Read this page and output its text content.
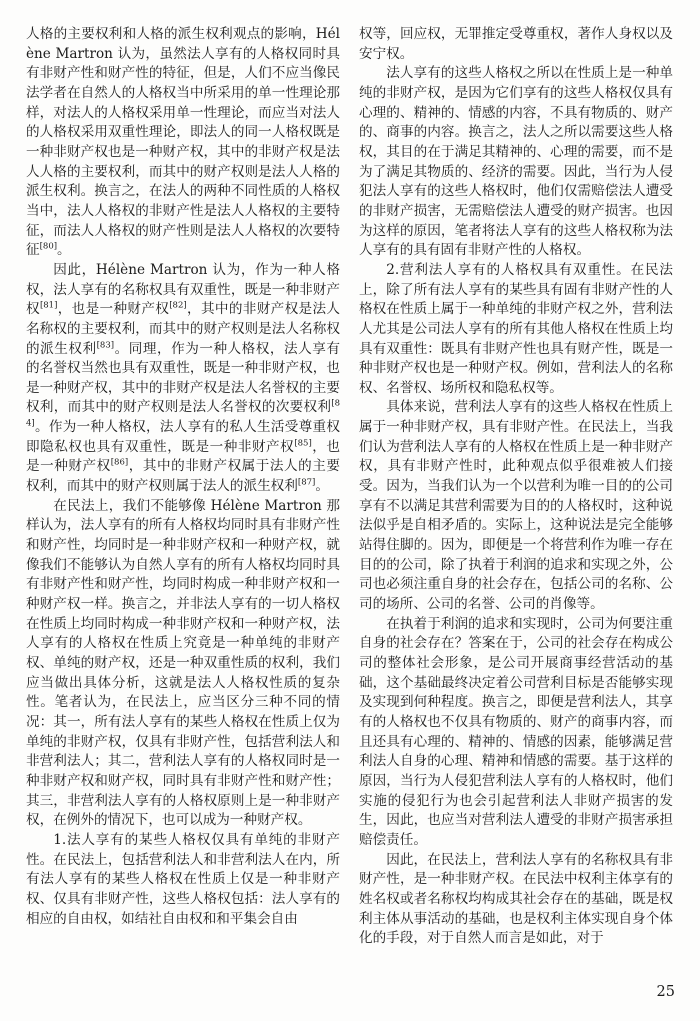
人格的主要权利和人格的派生权利观点的影响，Hélène Martron 认为，虽然法人享有的人格权同时具有非财产性和财产性的特征，但是，人们不应当像民法学者在自然人的人格权当中所采用的单一性理论那样，对法人的人格权采用单一性理论，而应当对法人的人格权采用双重性理论，即法人的同一人格权既是一种非财产权也是一种财产权，其中的非财产权是法人人格的主要权利，而其中的财产权则是法人人格的派生权利。换言之，在法人的两种不同性质的人格权当中，法人人格权的非财产性是法人人格权的主要特征，而法人人格权的财产性则是法人人格权的次要特征[80]。

因此，Hélène Martron 认为，作为一种人格权，法人享有的名称权具有双重性，既是一种非财产权[81]，也是一种财产权[82]，其中的非财产权是法人名称权的主要权利，而其中的财产权则是法人名称权的派生权利[83]。同理，作为一种人格权，法人享有的名誉权当然也具有双重性，既是一种非财产权，也是一种财产权，其中的非财产权是法人名誉权的主要权利，而其中的财产权则是法人名誉权的次要权利[84]。作为一种人格权，法人享有的私人生活受尊重权即隐私权也具有双重性，既是一种非财产权[85]，也是一种财产权[86]，其中的非财产权属于法人的主要权利，而其中的财产权则属于法人的派生权利[87]。

在民法上，我们不能够像 Hélène Martron 那样认为，法人享有的所有人格权均同时具有非财产性和财产性，均同时是一种非财产权和一种财产权，就像我们不能够认为自然人享有的所有人格权均同时具有非财产性和财产性，均同时构成一种非财产权和一种财产权一样。换言之，并非法人享有的一切人格权在性质上均同时构成一种非财产权和一种财产权，法人享有的人格权在性质上究竟是一种单纯的非财产权、单纯的财产权，还是一种双重性质的权利，我们应当做出具体分析，这就是法人人格权性质的复杂性。笔者认为，在民法上，应当区分三种不同的情况：其一，所有法人享有的某些人格权在性质上仅为单纯的非财产权，仅具有非财产性，包括营利法人和非营利法人；其二，营利法人享有的人格权同时是一种非财产权和财产权，同时具有非财产性和财产性；其三，非营利法人享有的人格权原则上是一种非财产权，在例外的情况下，也可以成为一种财产权。

1.法人享有的某些人格权仅具有单纯的非财产性。在民法上，包括营利法人和非营利法人在内，所有法人享有的某些人格权在性质上仅是一种非财产权、仅具有非财产性，这些人格权包括：法人享有的相应的自由权，如结社自由权和和平集会自由

权等，回应权，无罪推定受尊重权，著作人身权以及安宁权。

法人享有的这些人格权之所以在性质上是一种单纯的非财产权，是因为它们享有的这些人格权仅具有心理的、精神的、情感的内容，不具有物质的、财产的、商事的内容。换言之，法人之所以需要这些人格权，其目的在于满足其精神的、心理的需要，而不是为了满足其物质的、经济的需要。因此，当行为人侵犯法人享有的这些人格权时，他们仅需赔偿法人遭受的非财产损害，无需赔偿法人遭受的财产损害。也因为这样的原因，笔者将法人享有的这些人格权称为法人享有的具有固有非财产性的人格权。

2.营利法人享有的人格权具有双重性。在民法上，除了所有法人享有的某些具有固有非财产性的人格权在性质上属于一种单纯的非财产权之外，营利法人尤其是公司法人享有的所有其他人格权在性质上均具有双重性：既具有非财产性也具有财产性，既是一种非财产权也是一种财产权。例如，营利法人的名称权、名誉权、场所权和隐私权等。

具体来说，营利法人享有的这些人格权在性质上属于一种非财产权，具有非财产性。在民法上，当我们认为营利法人享有的人格权在性质上是一种非财产权，具有非财产性时，此种观点似乎很难被人们接受。因为，当我们认为一个以营利为唯一目的的公司享有不以满足其营利需要为目的的人格权时，这种说法似乎是自相矛盾的。实际上，这种说法是完全能够站得住脚的。因为，即便是一个将营利作为唯一存在目的的公司，除了执着于利润的追求和实现之外，公司也必须注重自身的社会存在，包括公司的名称、公司的场所、公司的名誉、公司的肖像等。

在执着于利润的追求和实现时，公司为何要注重自身的社会存在？答案在于，公司的社会存在构成公司的整体社会形象，是公司开展商事经营活动的基础，这个基础最终决定着公司营利目标是否能够实现及实现到何种程度。换言之，即便是营利法人，其享有的人格权也不仅具有物质的、财产的商事内容，而且还具有心理的、精神的、情感的因素，能够满足营利法人自身的心理、精神和情感的需要。基于这样的原因，当行为人侵犯营利法人享有的人格权时，他们实施的侵犯行为也会引起营利法人非财产损害的发生，因此，也应当对营利法人遭受的非财产损害承担赔偿责任。

因此，在民法上，营利法人享有的名称权具有非财产性，是一种非财产权。在民法中权利主体享有的姓名权或者名称权均构成其社会存在的基础，既是权利主体从事活动的基础，也是权利主体实现自身个体化的手段，对于自然人而言是如此，对于

25
